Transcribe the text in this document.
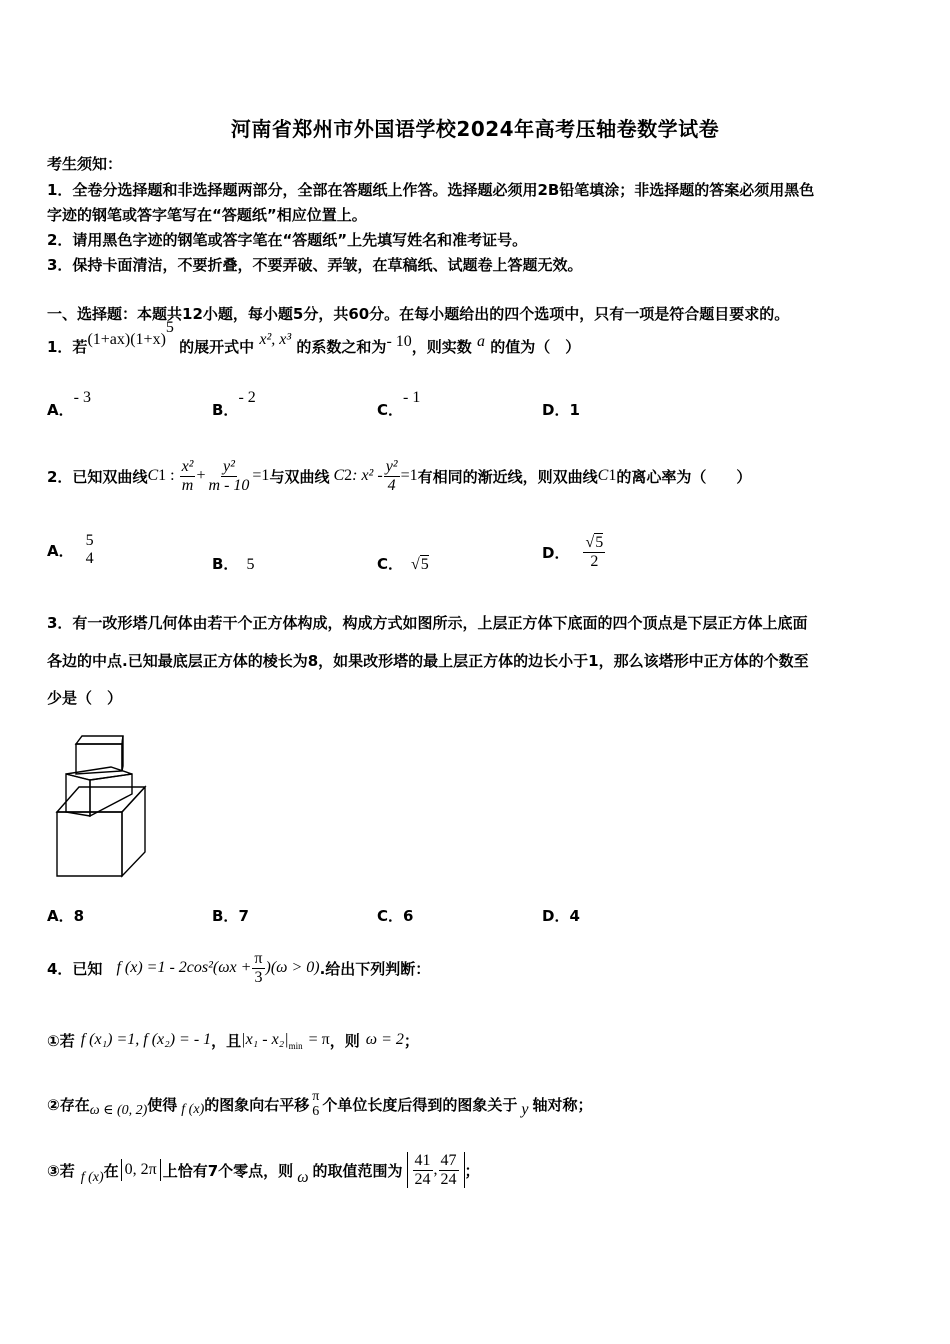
河南省郑州市外国语学校2024年高考压轴卷数学试卷
考生须知：
1．全卷分选择题和非选择题两部分，全部在答题纸上作答。选择题必须用2B铅笔填涂；非选择题的答案必须用黑色
字迹的钢笔或答字笔写在“答题纸”相应位置上。
2．请用黑色字迹的钢笔或答字笔在“答题纸”上先填写姓名和准考证号。
3．保持卡面清洁，不要折叠，不要弄破、弄皱，在草稿纸、试题卷上答题无效。
一、选择题：本题共12小题，每小题5分，共60分。在每小题给出的四个选项中，只有一项是符合题目要求的。
1．若$(1+ax)(1+x)^5$ 的展开式中 x², x³ 的系数之和为- 10，则实数 a 的值为（　）
A．- 3
B．- 2
C．- 1
D．1
2．已知双曲线 C 1 : $\frac{\text{x²}}{m} + \frac{\text{y²}}{m - 10} =1$ 与双曲线 C 2 : $x^2 - \frac{\text{y²}}{4} =1$ 有相同的渐近线，则双曲线 C 1 的离心率为（　　）
A．
5
4	B． 5	C． √5
D． $\frac{√5}{2}$
3．有一改形塔几何体由若干个正方体构成，构成方式如图所示，上层正方体下底面的四个顶点是下层正方体上底面
各边的中点.已知最底层正方体的棱长为8，如果改形塔的最上层正方体的边长小于1，那么该塔形中正方体的个数至
少是（　）
A．8	B．7	C．6	D．4
4．已知 f $(x) =1 - 2\cos^2(\omega x + \frac{\pi}{3} )(\omega > 0)$ .给出下列判断：
①若 f (x₁) =1, f (x₂) = - 1 ，且 $|x_1 - x_2|_{min} = \pi$ ，则 ω = 2 ；
②存在 ω ∈ (0, 2) 使得 f (x) 的图象向右平移 π
6 个单位长度后得到的图象关于 y 轴对称；
③若 f (x) 在 0, 2π 上恰有7个零点，则 ω 的取值范围为 $\frac{41}{24}$ , $\frac{47}{24}$ ；
